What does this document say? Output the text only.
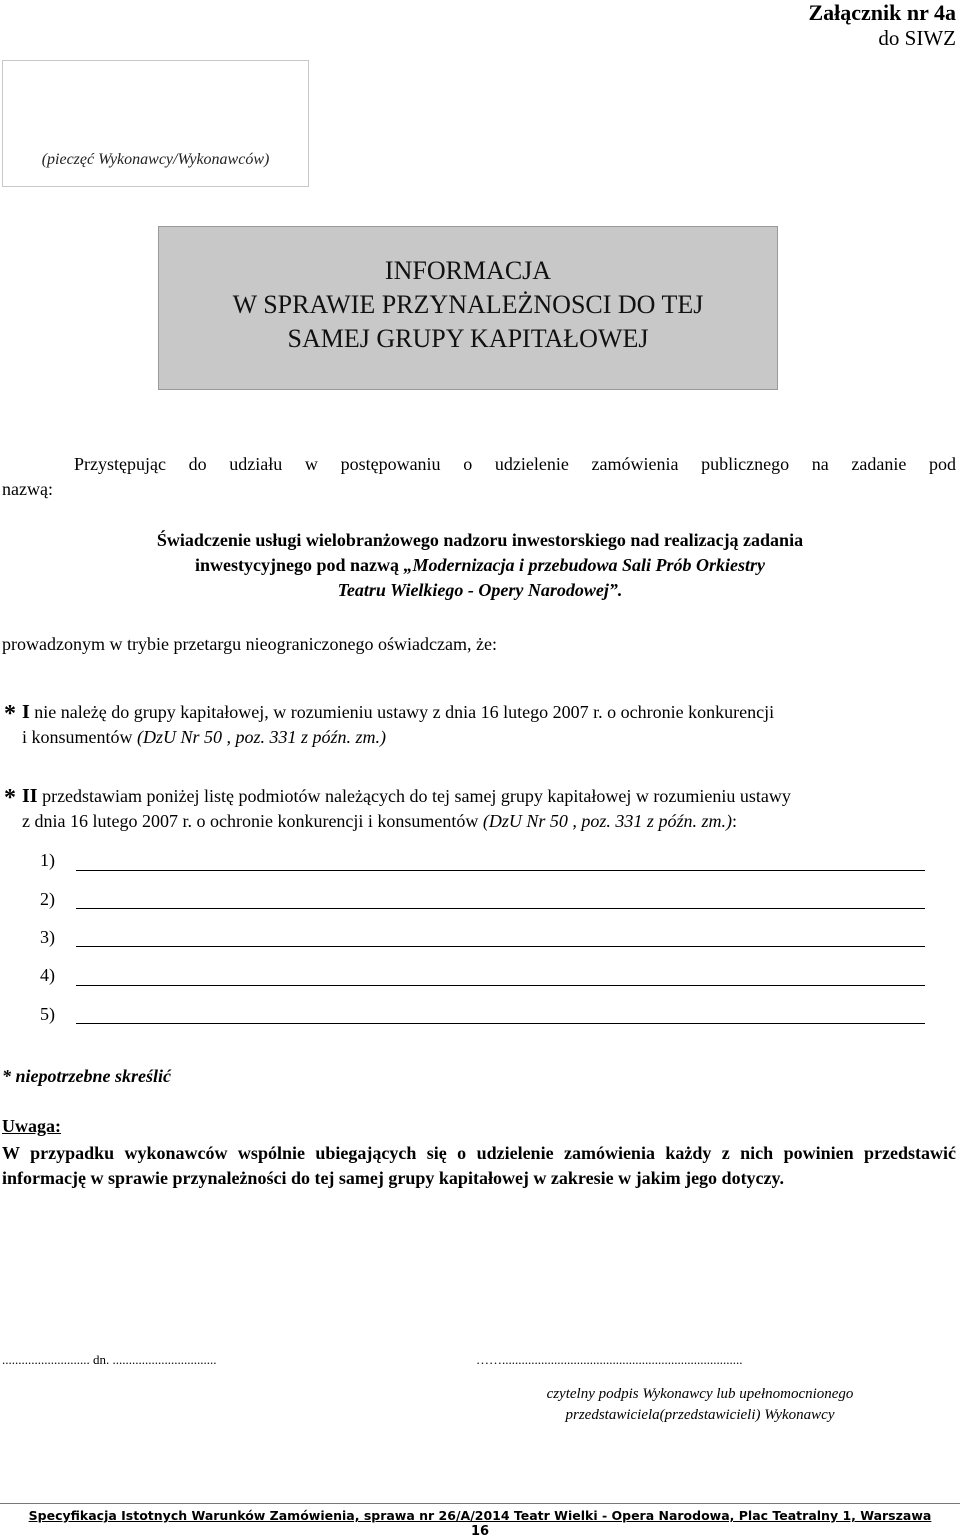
Załącznik nr 4a
do SIWZ
(pieczęć Wykonawcy/Wykonawców)
INFORMACJA
W SPRAWIE PRZYNALEŻNOSCI DO TEJ
SAMEJ GRUPY KAPITAŁOWEJ
Przystępując do udziału w postępowaniu o udzielenie zamówienia publicznego na zadanie pod
nazwą:
Świadczenie usługi wielobranżowego nadzoru inwestorskiego nad realizacją zadania
inwestycyjnego pod nazwą „Modernizacja i przebudowa Sali Prób Orkiestry
Teatru Wielkiego - Opery Narodowej”.
prowadzonym w trybie przetargu nieograniczonego oświadczam, że:
* I nie należę do grupy kapitałowej, w rozumieniu ustawy z dnia 16 lutego 2007 r. o ochronie konkurencji
i konsumentów (DzU Nr 50 , poz. 331 z późn. zm.)
* II przedstawiam poniżej listę podmiotów należących do tej samej grupy kapitałowej w rozumieniu ustawy
z dnia 16 lutego 2007 r. o ochronie konkurencji i konsumentów (DzU Nr 50 , poz. 331 z późn. zm.):
1)
2)
3)
4)
5)
* niepotrzebne skreślić
Uwaga:
W przypadku wykonawców wspólnie ubiegających się o udzielenie zamówienia każdy z nich powinien przedstawić informację w sprawie przynależności do tej samej grupy kapitałowej w zakresie w jakim jego dotyczy.
........................... dn. ................................	……..........................................................................
czytelny podpis Wykonawcy lub upełnomocnionego
przedstawiciela(przedstawicieli) Wykonawcy
Specyfikacja Istotnych Warunków Zamówienia, sprawa nr 26/A/2014 Teatr Wielki - Opera Narodowa, Plac Teatralny 1, Warszawa
16
